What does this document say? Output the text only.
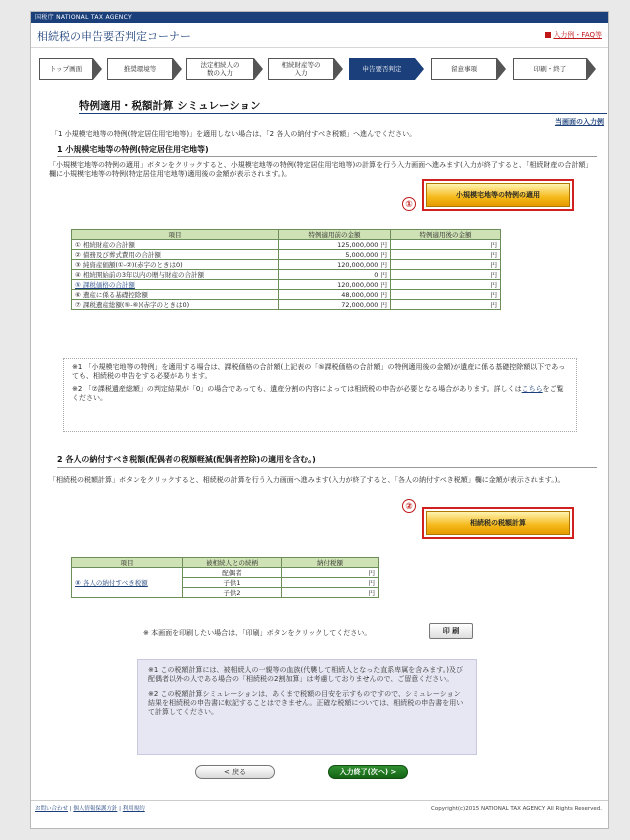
国税庁 NATIONAL TAX AGENCY
相続税の申告要否判定コーナー	入力例・FAQ等
トップ画面	推奨環境等	法定相続人の
数の入力
相続財産等の
入力	申告要否判定	留意事項	印刷・終了
特例適用・税額計算 シミュレーション
当画面の入力例
「1 小規模宅地等の特例(特定居住用宅地等)」を適用しない場合は、「2 各人の納付すべき税額」へ進んでください。
1 小規模宅地等の特例(特定居住用宅地等)
「小規模宅地等の特例の適用」ボタンをクリックすると、小規模宅地等の特例(特定居住用宅地等)の計算を行う入力画面へ進みます(入力が終了すると、「相続財産の合計額」欄に小規模宅地等の特例(特定居住用宅地等)適用後の金額が表示されます。)。
①
小規模宅地等の特例の適用
項目	特例適用前の金額	特例適用後の金額
① 相続財産の合計額	125,000,000 円	円
② 債務及び葬式費用の合計額	5,000,000 円	円
③ 純資産価額(①-②)(赤字のときは0)	120,000,000 円	円
④ 相続開始前の3年以内の贈与財産の合計額	0 円	円
⑤ 課税価格の合計額	120,000,000 円	円
⑥ 遺産に係る基礎控除額	48,000,000 円	円
⑦ 課税遺産総額(⑤-⑥)(赤字のときは0)	72,000,000 円	円
※1 「小規模宅地等の特例」を適用する場合は、課税価格の合計額(上記表の「⑤課税価格の合計額」の特例適用後の金額)が遺産に係る基礎控除額以下であっても、相続税の申告をする必要があります。
※2 「⑦課税遺産総額」の判定結果が「0」の場合であっても、遺産分割の内容によっては相続税の申告が必要となる場合があります。詳しくはこちらをご覧ください。
2 各人の納付すべき税額(配偶者の税額軽減(配偶者控除)の適用を含む。)
「相続税の税額計算」ボタンをクリックすると、相続税の計算を行う入力画面へ進みます(入力が終了すると、「各人の納付すべき税額」欄に金額が表示されます。)。
②
相続税の税額計算
項目	被相続人との続柄	納付税額
⑧ 各人の納付すべき税額	配偶者	円
	子供1	円
	子供2	円
※ 本画面を印刷したい場合は、「印刷」ボタンをクリックしてください。	印 刷
※1 この税額計算には、被相続人の一親等の血族(代襲して相続人となった直系卑属を含みます。)及び配偶者以外の人である場合の「相続税の2割加算」は考慮しておりませんので、ご留意ください。
※2 この税額計算シミュレーションは、あくまで税額の目安を示すものですので、シミュレーション結果を相続税の申告書に転記することはできません。正確な税額については、相続税の申告書を用いて計算してください。
< 戻る	入力終了(次へ) >
お問い合わせ | 個人情報保護方針 | 利用規約	Copyright(c)2015 NATIONAL TAX AGENCY All Rights Reserved.
